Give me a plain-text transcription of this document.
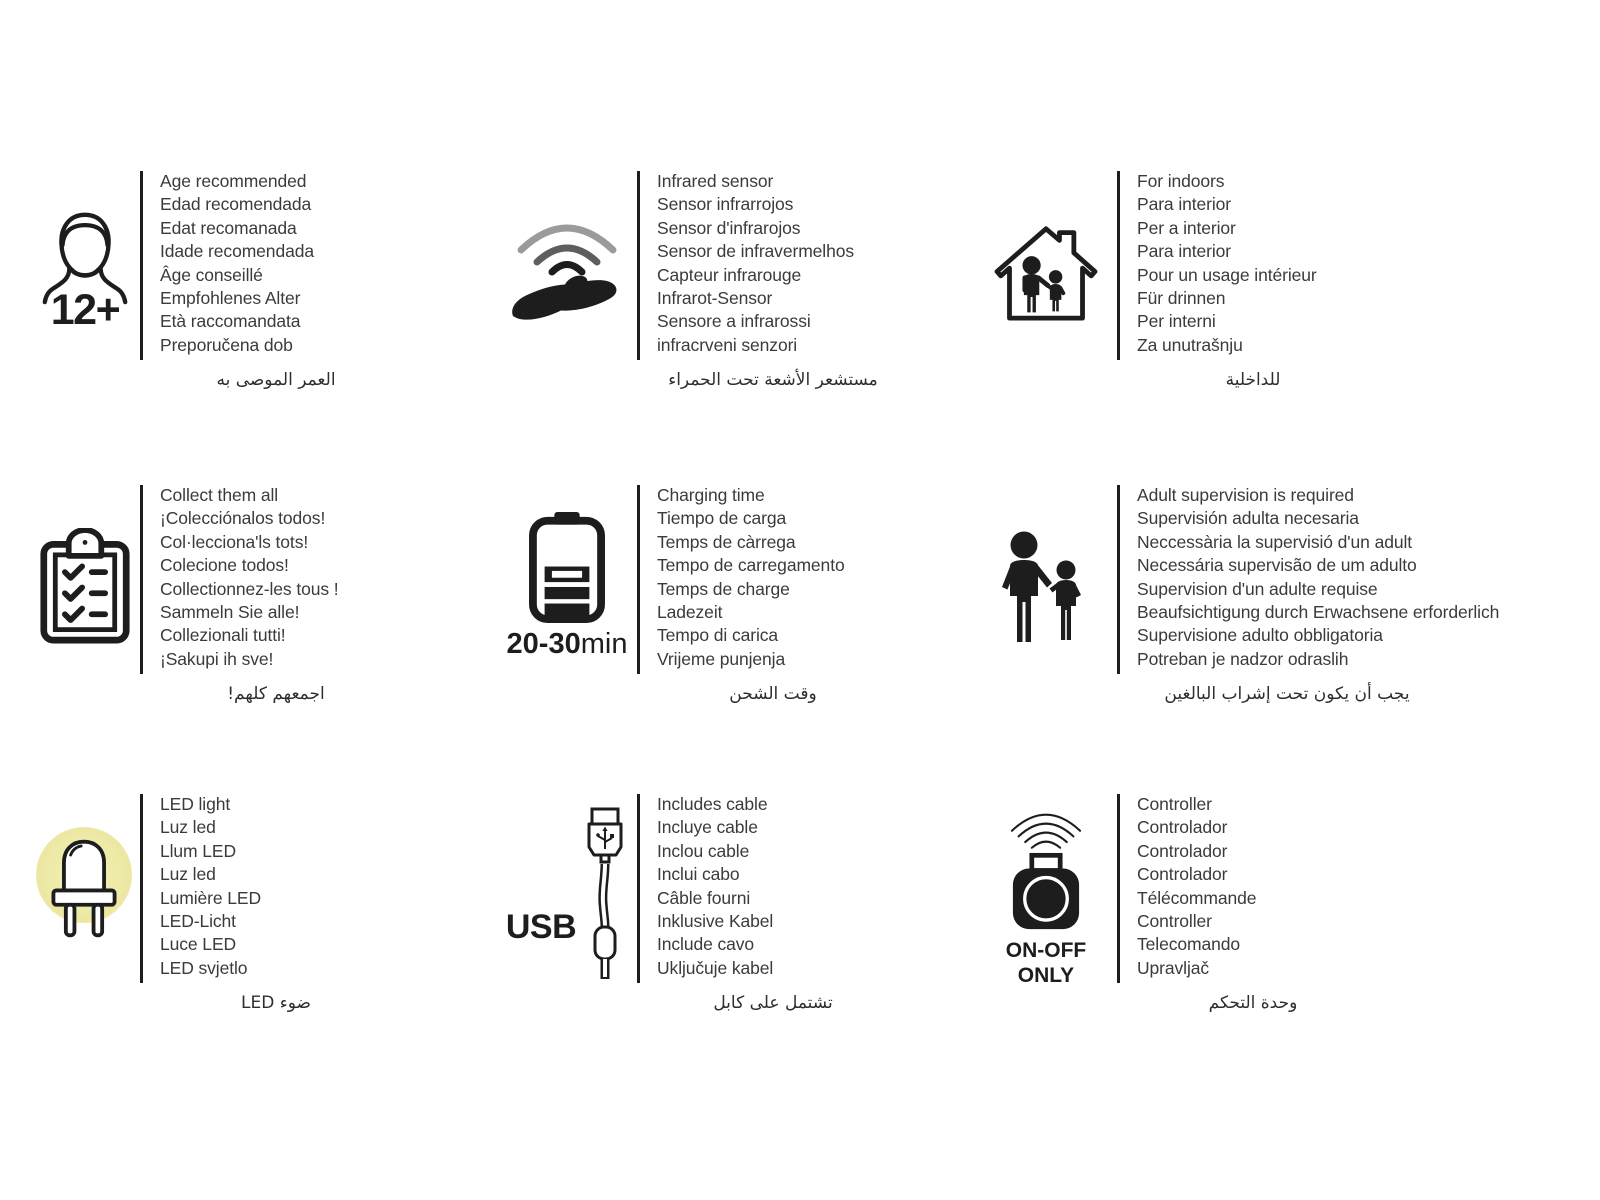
12+
Age recommended
Edad recomendada
Edat recomanada
Idade recomendada
Âge conseillé
Empfohlenes Alter
Età raccomandata
Preporučena dob
العمر الموصى به
Infrared sensor
Sensor infrarrojos
Sensor d'infrarojos
Sensor de infravermelhos
Capteur infrarouge
Infrarot-Sensor
Sensore a infrarossi
infracrveni senzori
مستشعر الأشعة تحت الحمراء
For indoors
Para interior
Per a interior
Para interior
Pour un usage intérieur
Für drinnen
Per interni
Za unutrašnju
للداخلية
Collect them all
¡Colecciónalos todos!
Col·lecciona'ls tots!
Colecione todos!
Collectionnez-les tous !
Sammeln Sie alle!
Collezionali tutti!
¡Sakupi ih sve!
اجمعهم كلهم!
20-30min
Charging time
Tiempo de carga
Temps de càrrega
Tempo de carregamento
Temps de charge
Ladezeit
Tempo di carica
Vrijeme punjenja
وقت الشحن
Adult supervision is required
Supervisión adulta necesaria
Neccessària la supervisió d'un adult
Necessária supervisão de um adulto
Supervision d'un adulte requise
Beaufsichtigung durch Erwachsene erforderlich
Supervisione adulto obbligatoria
Potreban je nadzor odraslih
يجب أن يكون تحت إشراب البالغين
LED light
Luz led
Llum LED
Luz led
Lumière LED
LED-Licht
Luce LED
LED svjetlo
ضوء LED
USB
Includes cable
Incluye cable
Inclou cable
Inclui cabo
Câble fourni
Inklusive Kabel
Include cavo
Uključuje kabel
تشتمل على كابل
ON-OFF
ONLY
Controller
Controlador
Controlador
Controlador
Télécommande
Controller
Telecomando
Upravljač
وحدة التحكم
